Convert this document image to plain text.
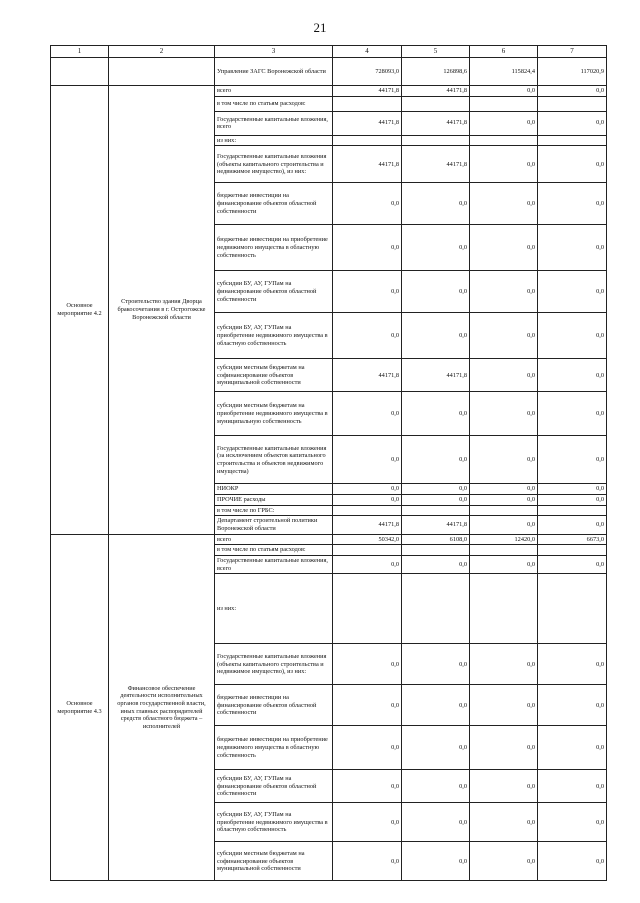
21
1	2	3	4	5	6	7
		Управление ЗАГС Воронежской области	728093,0	126898,6	115824,4	117020,9
Основное мероприятие 4.2	Строительство здания Дворца бракосочетания в г. Острогожске Воронежской области	всего	44171,8	44171,8	0,0	0,0
		в том числе по статьям расходов:				
		Государственные капитальные вложения, всего	44171,8	44171,8	0,0	0,0
		из них:				
		Государственные капитальные вложения (объекты капитального строительства и недвижимое имущество), из них:	44171,8	44171,8	0,0	0,0
		бюджетные инвестиции на финансирование объектов областной собственности	0,0	0,0	0,0	0,0
		бюджетные инвестиции на приобретение недвижимого имущества в областную собственность	0,0	0,0	0,0	0,0
		субсидии БУ, АУ, ГУПам на финансирование объектов областной собственности	0,0	0,0	0,0	0,0
		субсидии БУ, АУ, ГУПам на приобретение недвижимого имущества в областную собственность	0,0	0,0	0,0	0,0
		субсидии местным бюджетам на софинансирование объектов муниципальной собственности	44171,8	44171,8	0,0	0,0
		субсидии местным бюджетам на приобретение недвижимого имущества в муниципальную собственность	0,0	0,0	0,0	0,0
		Государственные капитальные вложения (за исключением объектов капитального строительства и объектов недвижимого имущества)	0,0	0,0	0,0	0,0
		НИОКР	0,0	0,0	0,0	0,0
		ПРОЧИЕ расходы	0,0	0,0	0,0	0,0
		в том числе по ГРБС:				
		Департамент строительной политики Воронежской области	44171,8	44171,8	0,0	0,0
Основное мероприятие 4.3	Финансовое обеспечение деятельности исполнительных органов государственной власти, иных главных распорядителей средств областного бюджета – исполнителей	всего	50342,0	6108,0	12420,0	6673,0
		в том числе по статьям расходов:				
		Государственные капитальные вложения, всего	0,0	0,0	0,0	0,0
		из них:				
		Государственные капитальные вложения (объекты капитального строительства и недвижимое имущество), из них:	0,0	0,0	0,0	0,0
		бюджетные инвестиции на финансирование объектов областной собственности	0,0	0,0	0,0	0,0
		бюджетные инвестиции на приобретение недвижимого имущества в областную собственность	0,0	0,0	0,0	0,0
		субсидии БУ, АУ, ГУПам на финансирование объектов областной собственности	0,0	0,0	0,0	0,0
		субсидии БУ, АУ, ГУПам на приобретение недвижимого имущества в областную собственность	0,0	0,0	0,0	0,0
		субсидии местным бюджетам на софинансирование объектов муниципальной собственности	0,0	0,0	0,0	0,0
